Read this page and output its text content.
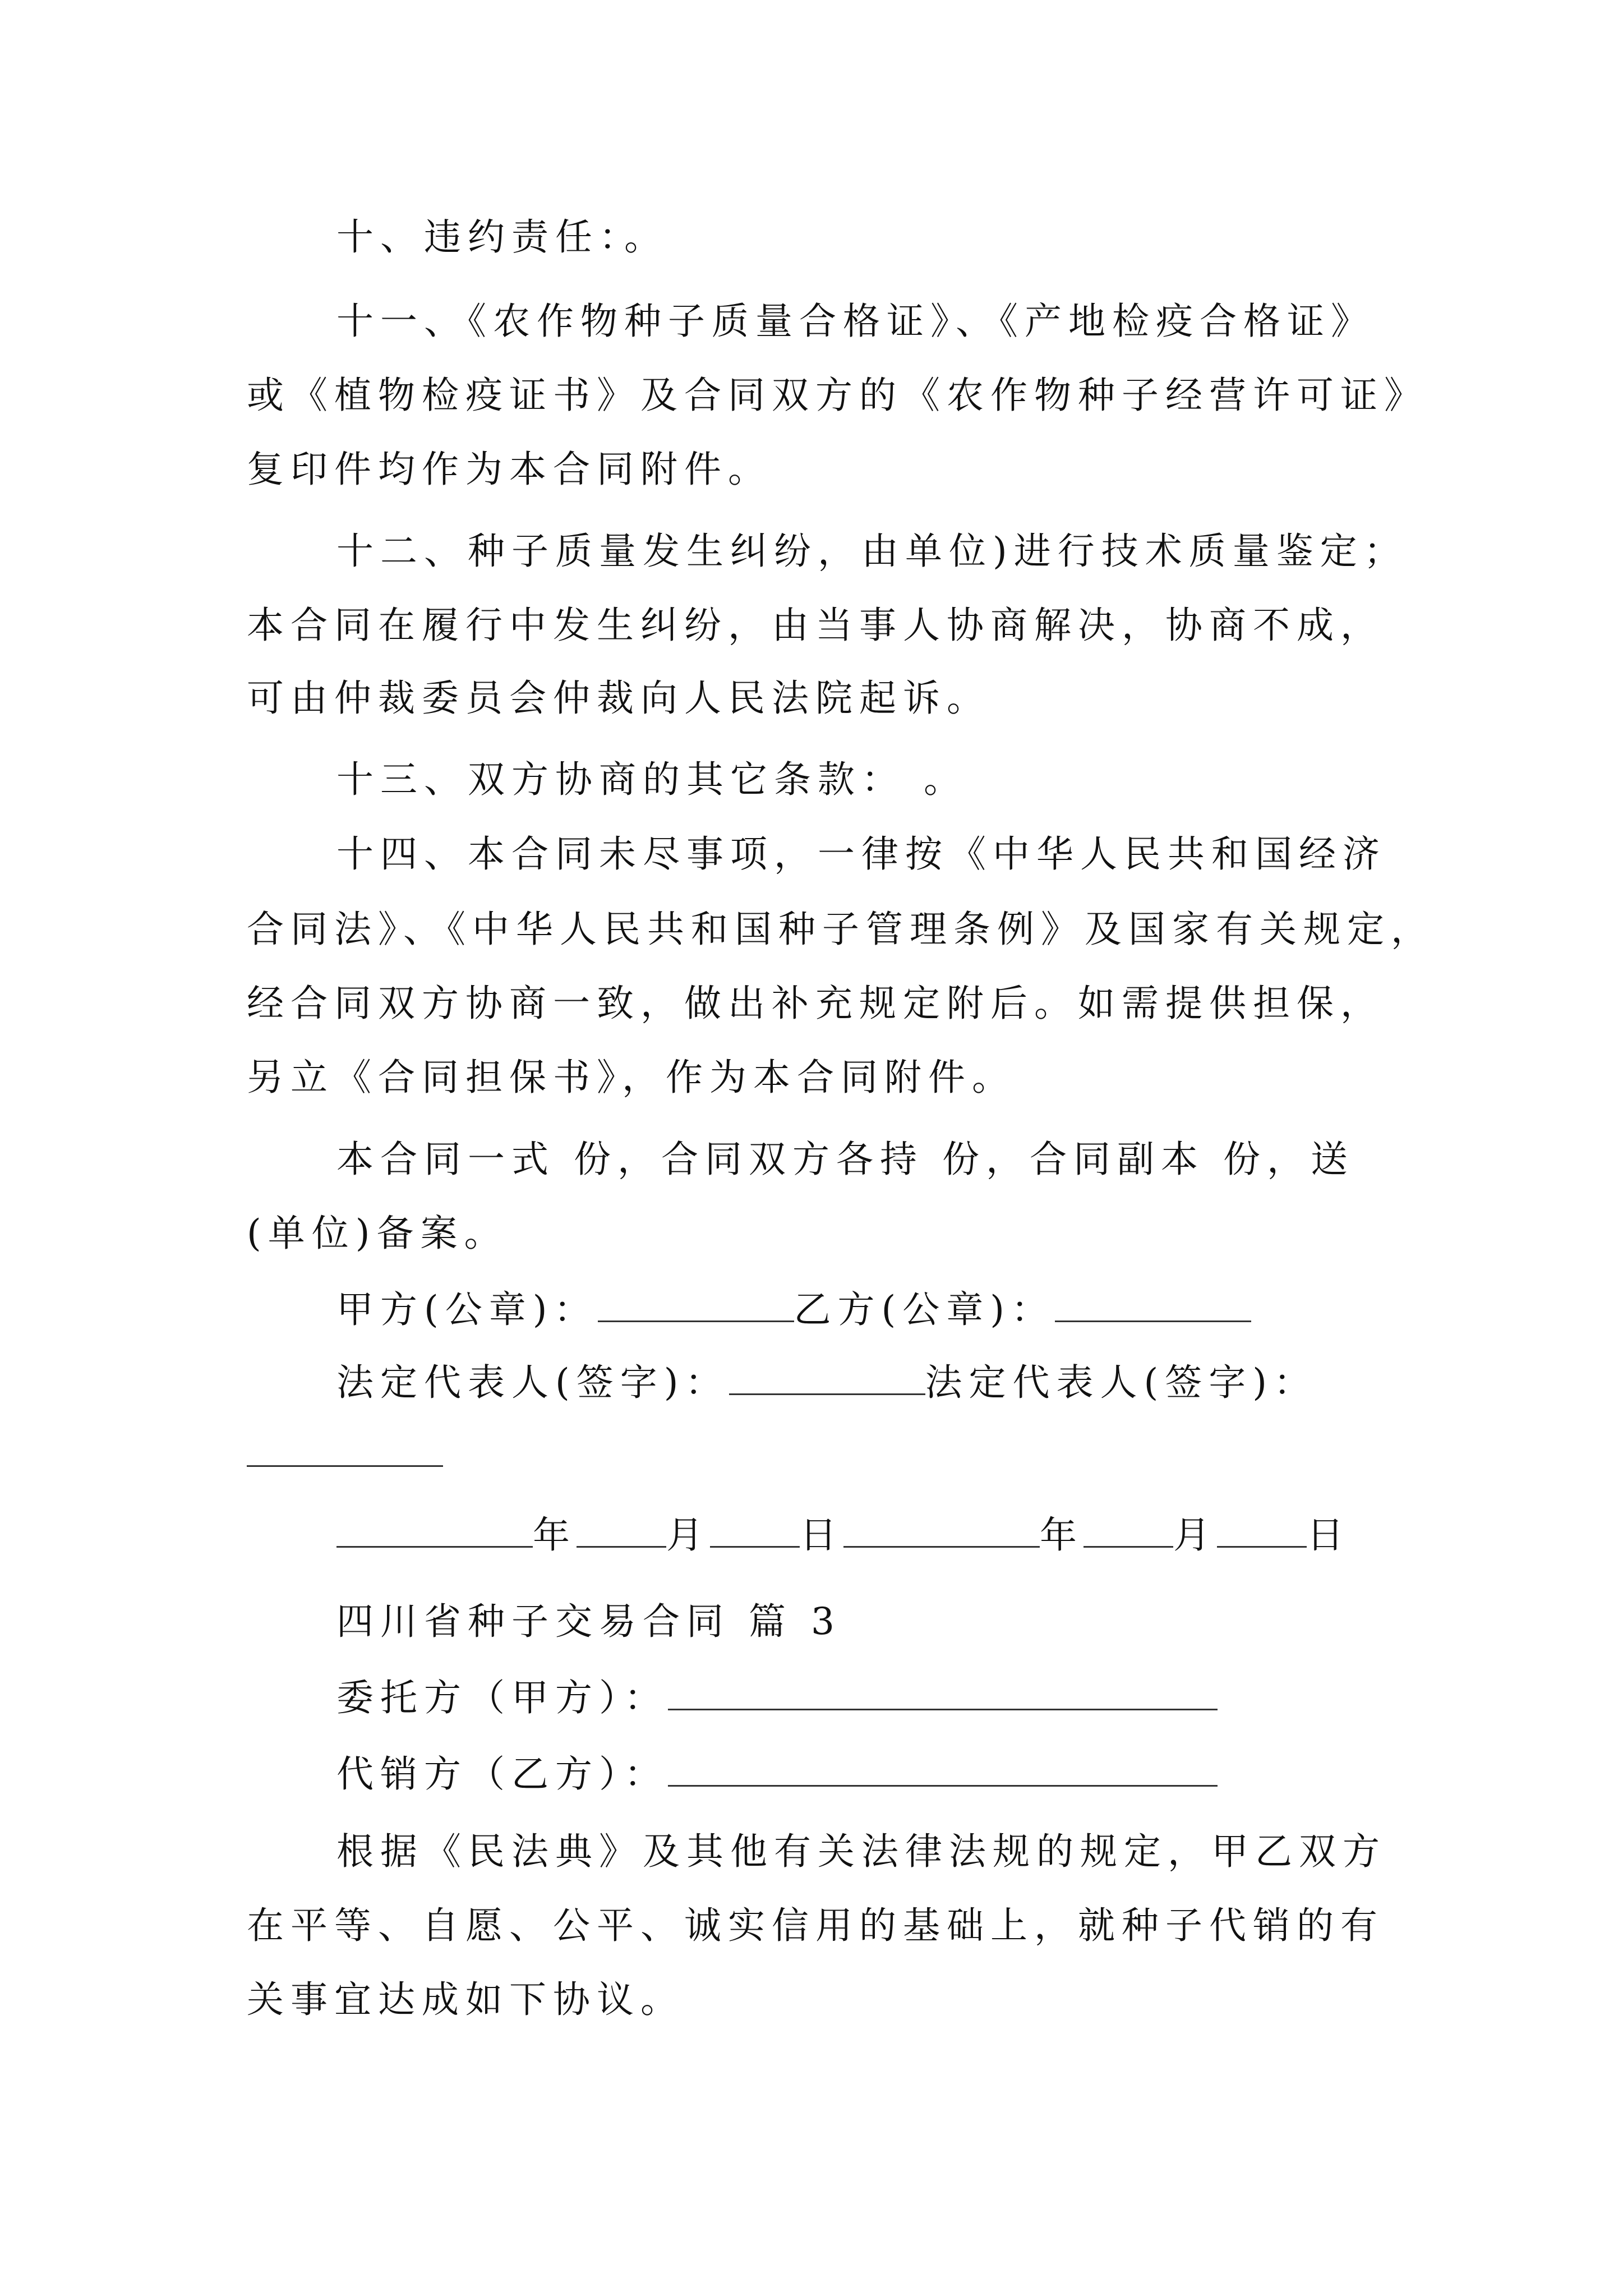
十、违约责任：。
十一、《农作物种子质量合格证》、《产地检疫合格证》
或《植物检疫证书》及合同双方的《农作物种子经营许可证》
复印件均作为本合同附件。
十二、种子质量发生纠纷，由单位)进行技术质量鉴定；
本合同在履行中发生纠纷，由当事人协商解决，协商不成，
可由仲裁委员会仲裁向人民法院起诉。
十三、双方协商的其它条款： 。
十四、本合同未尽事项，一律按《中华人民共和国经济
合同法》、《中华人民共和国种子管理条例》及国家有关规定，
经合同双方协商一致，做出补充规定附后。如需提供担保，
另立《合同担保书》，作为本合同附件。
本合同一式 份，合同双方各持 份，合同副本 份，送
(单位)备案。
甲方(公章)：	乙方(公章)：
法定代表人(签字)：	法定代表人(签字)：
年 月 日	年 月 日
四川省种子交易合同 篇 3
委托方（甲方）：
代销方（乙方）：
根据《民法典》及其他有关法律法规的规定，甲乙双方
在平等、自愿、公平、诚实信用的基础上，就种子代销的有
关事宜达成如下协议。
